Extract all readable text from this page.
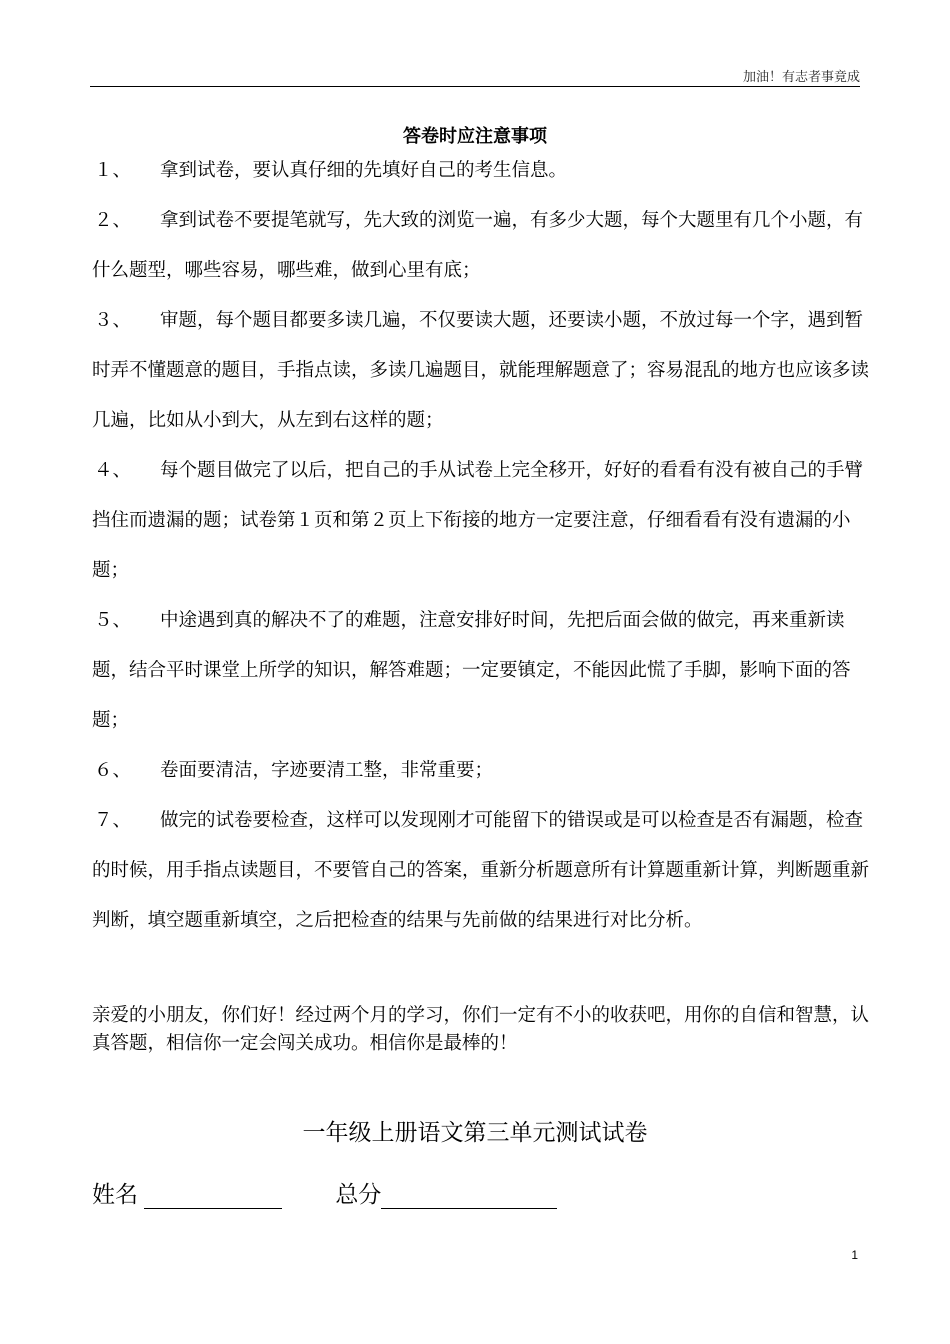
加油！有志者事竟成
答卷时应注意事项

１、 拿到试卷，要认真仔细的先填好自己的考生信息。

２、 拿到试卷不要提笔就写，先大致的浏览一遍，有多少大题，每个大题里有几个小题，有什么题型，哪些容易，哪些难，做到心里有底；

３、 审题，每个题目都要多读几遍，不仅要读大题，还要读小题，不放过每一个字，遇到暂时弄不懂题意的题目，手指点读，多读几遍题目，就能理解题意了；容易混乱的地方也应该多读几遍，比如从小到大，从左到右这样的题；

４、 每个题目做完了以后，把自己的手从试卷上完全移开，好好的看看有没有被自己的手臂挡住而遗漏的题；试卷第１页和第２页上下衔接的地方一定要注意，仔细看看有没有遗漏的小题；

５、 中途遇到真的解决不了的难题，注意安排好时间，先把后面会做的做完，再来重新读题，结合平时课堂上所学的知识，解答难题；一定要镇定，不能因此慌了手脚，影响下面的答题；

６、 卷面要清洁，字迹要清工整，非常重要；

７、 做完的试卷要检查，这样可以发现刚才可能留下的错误或是可以检查是否有漏题，检查的时候，用手指点读题目，不要管自己的答案，重新分析题意所有计算题重新计算，判断题重新判断，填空题重新填空，之后把检查的结果与先前做的结果进行对比分析。

亲爱的小朋友，你们好！经过两个月的学习，你们一定有不小的收获吧，用你的自信和智慧，认真答题，相信你一定会闯关成功。相信你是最棒的！
一年级上册语文第三单元测试试卷
姓名	总分
1
